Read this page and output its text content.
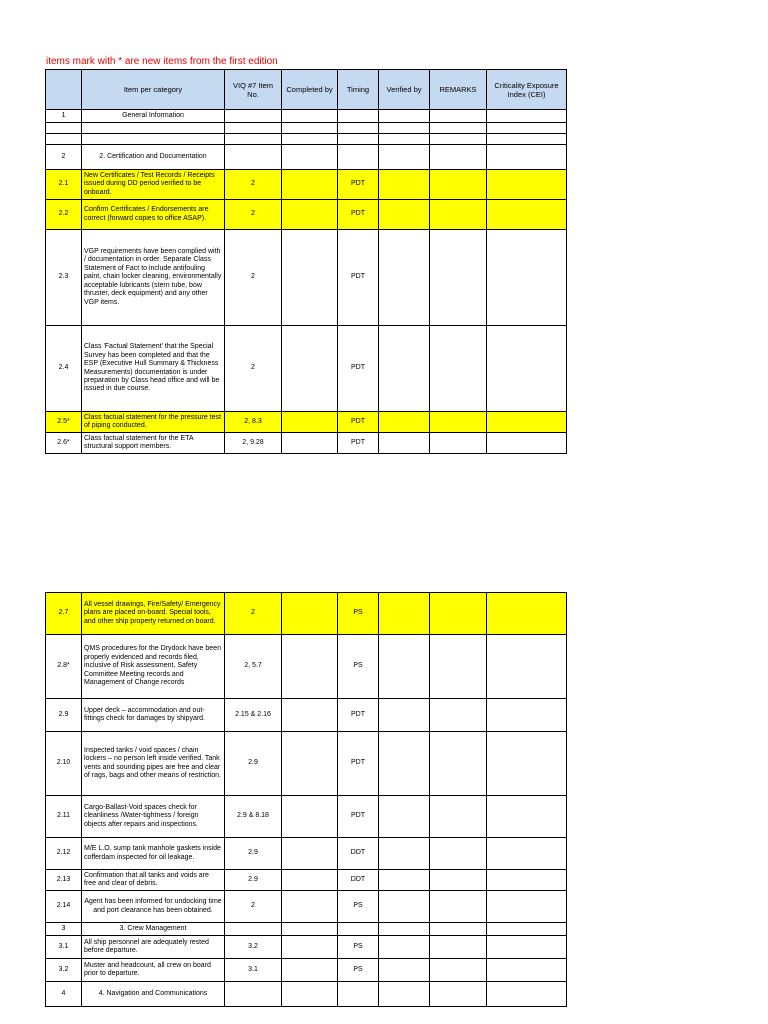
items mark with * are new items from the first edition
	Item per category	VIQ #7 Item No.	Completed by	Timing	Verified by	REMARKS	Criticality Exposure Index (CEI)
1	General Information						

2	2. Certification and Documentation						
2.1	New Certificates / Test Records / Receipts issued during DD period verified to be onboard.	2		PDT			
2.2	Confirm Certificates / Endorsements are correct (forward copies to office ASAP).	2		PDT			
2.3	VGP requirements have been complied with / documentation in order. Separate Class Statement of Fact to include antifouling paint, chain locker cleaning, environmentally acceptable lubricants (stern tube, bow thruster, deck equipment) and any other VGP items.	2		PDT			
2.4	Class 'Factual Statement' that the Special Survey has been completed and that the ESP (Executive Hull Summary & Thickness Measurements) documentation is under preparation by Class head office and will be issued in due course.	2		PDT			
2.5*	Class factual statement for the pressure test of piping conducted.	2, 8.3		PDT			
2.6*	Class factual statement for the ETA structural support members.	2, 9.28		PDT			
2.7	All vessel drawings, Fire/Safety/ Emergency plans are placed on-board. Special tools, and other ship property returned on board.	2		PS			
2.8*	QMS procedures for the Drydock have been properly evidenced and records filed, inclusive of Risk assessment, Safety Committee Meeting records and Management of Change records	2, 5.7		PS			
2.9	Upper deck – accommodation and out-fittings check for damages by shipyard.	2.15 & 2.16		PDT			
2.10	Inspected tanks / void spaces / chain lockers – no person left inside verified. Tank vents and sounding pipes are free and clear of rags, bags and other means of restriction.	2.9		PDT			
2.11	Cargo-Ballast-Void spaces check for cleanliness /Water-tightness / foreign objects after repairs and inspections.	2.9 & 8.18		PDT			
2.12	M/E L.O. sump tank manhole gaskets inside cofferdam inspected for oil leakage.	2.9		DDT			
2.13	Confirmation that all tanks and voids are free and clear of debris.	2.9		DDT			
2.14	Agent has been informed for undocking time and port clearance has been obtained.	2		PS			
3	3. Crew Management						
3.1	All ship personnel are adequately rested before departure.	3.2		PS			
3.2	Muster and headcount, all crew on board prior to departure.	3.1		PS			
4	4. Navigation and Communications						
